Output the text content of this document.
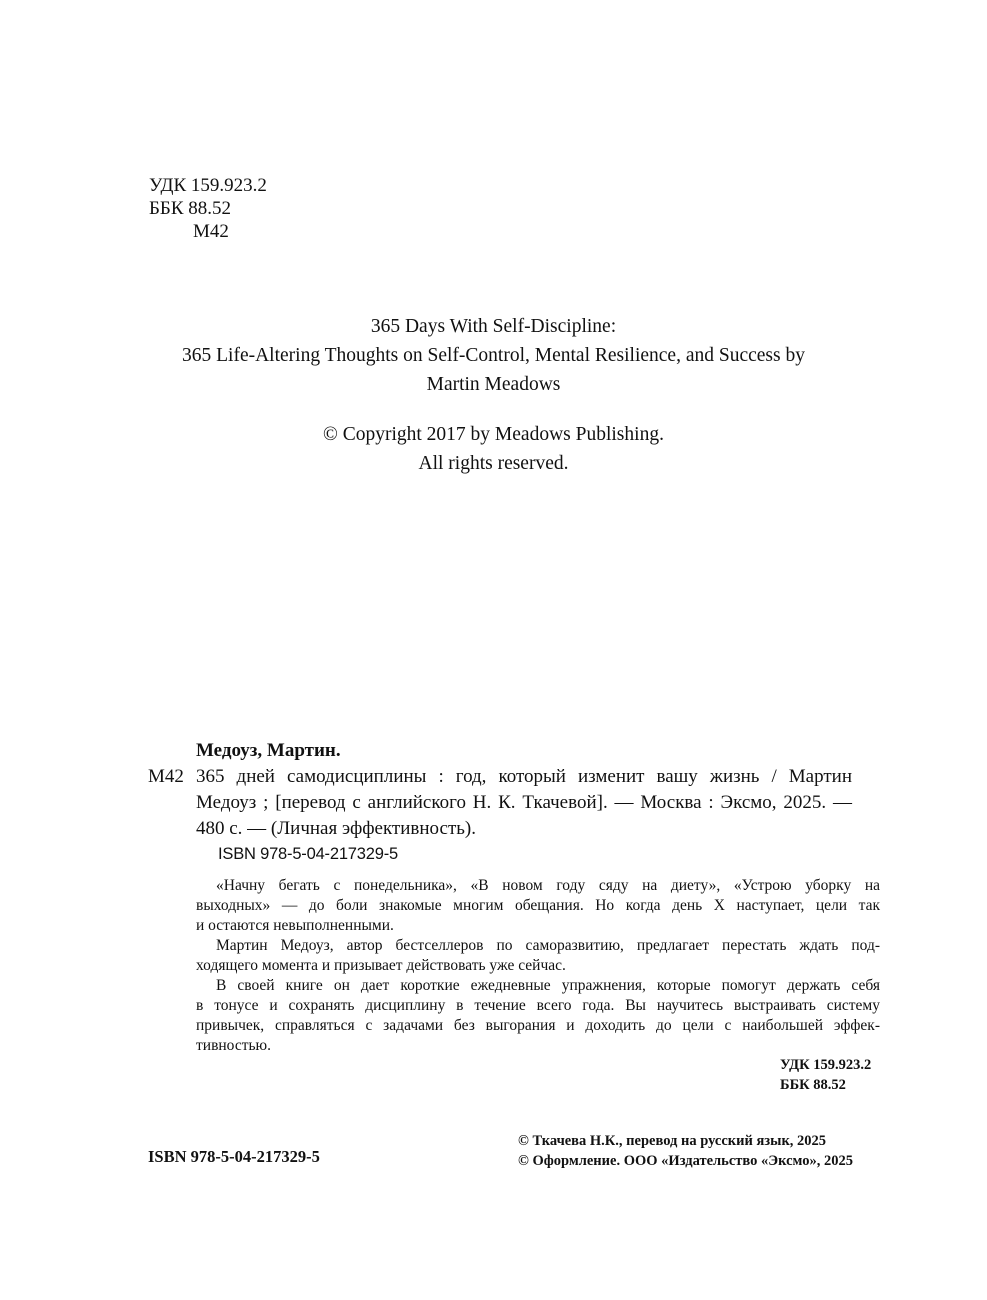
УДК 159.923.2
ББК 88.52
М42
365 Days With Self-Discipline:
365 Life-Altering Thoughts on Self-Control, Mental Resilience, and Success by
Martin Meadows
© Copyright 2017 by Meadows Publishing.
All rights reserved.
Медоуз, Мартин.
М42 365 дней самодисциплины : год, который изменит вашу жизнь / Мартин
Медоуз ; [перевод с английского Н. К. Ткачевой]. — Москва : Эксмо, 2025. —
480 с. — (Личная эффективность).
ISBN 978-5-04-217329-5
«Начну бегать с понедельника», «В новом году сяду на диету», «Устрою уборку на
выходных» — до боли знакомые многим обещания. Но когда день Х наступает, цели так
и остаются невыполненными.
Мартин Медоуз, автор бестселлеров по саморазвитию, предлагает перестать ждать под-
ходящего момента и призывает действовать уже сейчас.
В своей книге он дает короткие ежедневные упражнения, которые помогут держать себя
в тонусе и сохранять дисциплину в течение всего года. Вы научитесь выстраивать систему
привычек, справляться с задачами без выгорания и доходить до цели с наибольшей эффек-
тивностью.
УДК 159.923.2
ББК 88.52
ISBN 978-5-04-217329-5
© Ткачева Н.К., перевод на русский язык, 2025
© Оформление. ООО «Издательство «Эксмо», 2025
